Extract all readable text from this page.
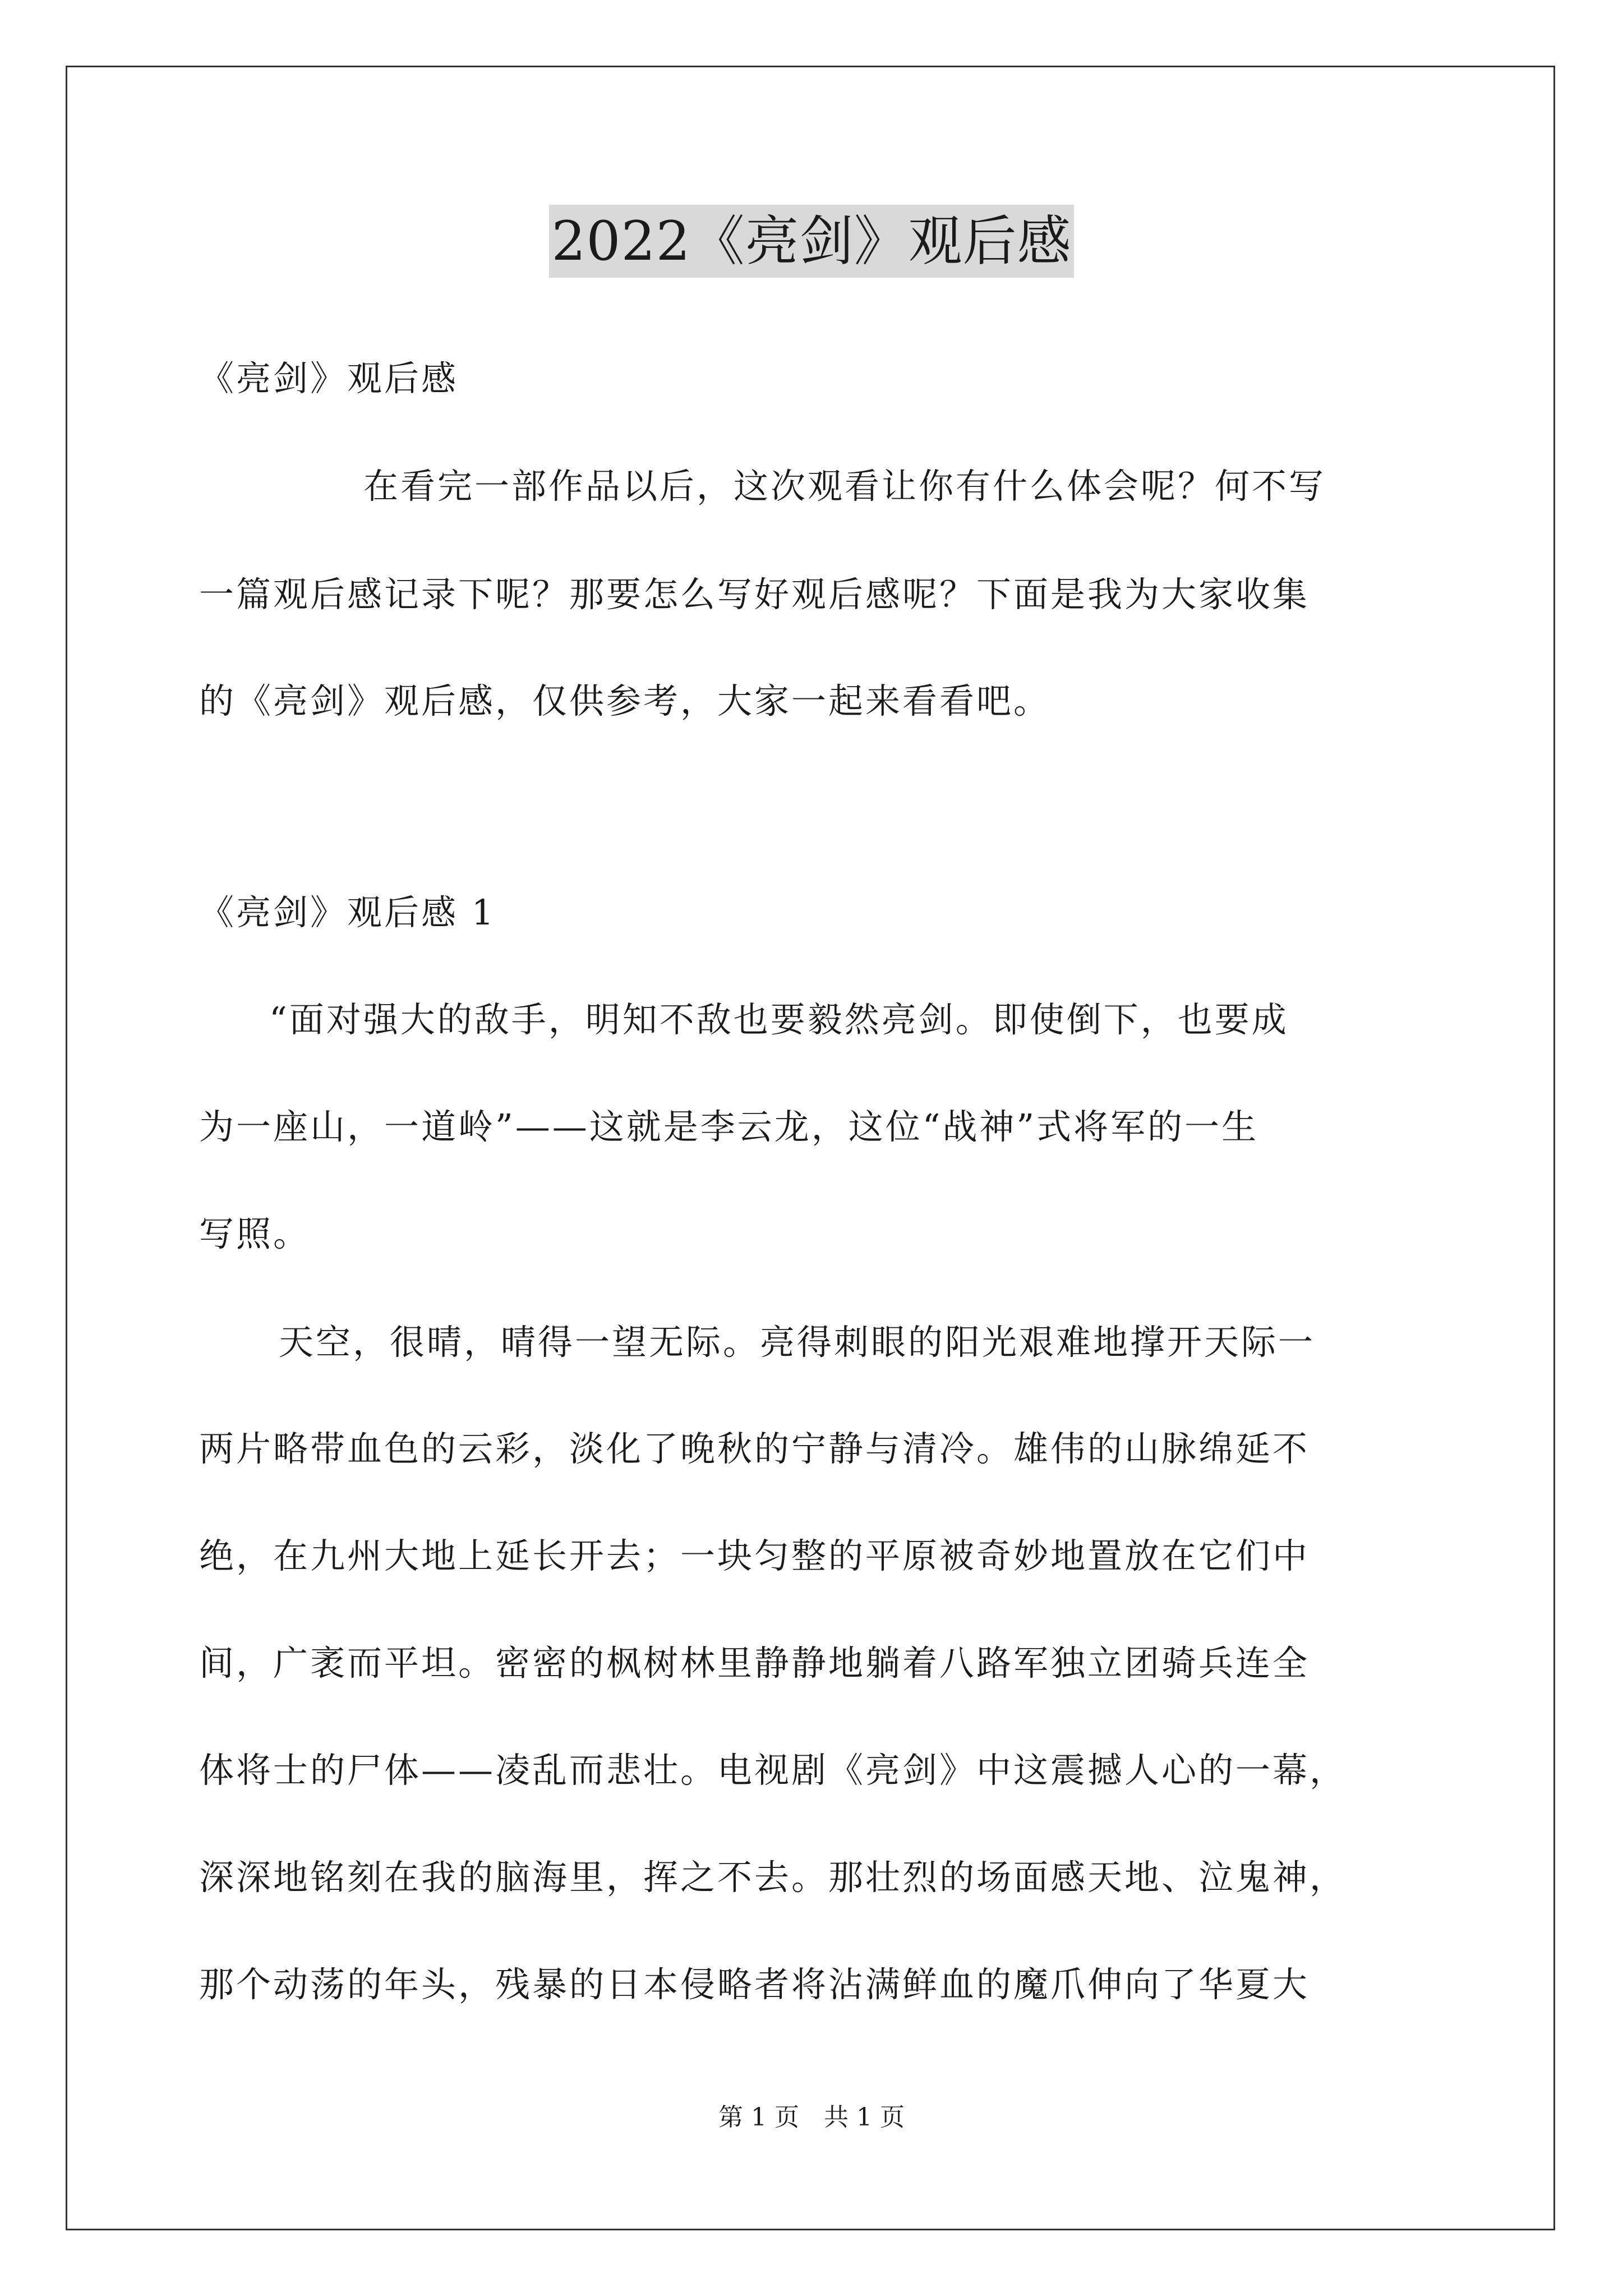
2022《亮剑》观后感
《亮剑》观后感
在看完一部作品以后，这次观看让你有什么体会呢？何不写
一篇观后感记录下呢？那要怎么写好观后感呢？下面是我为大家收集
的《亮剑》观后感，仅供参考，大家一起来看看吧。
《亮剑》观后感 1
“面对强大的敌手，明知不敌也要毅然亮剑。即使倒下，也要成
为一座山，一道岭”——这就是李云龙，这位“战神”式将军的一生
写照。
天空，很晴，晴得一望无际。亮得刺眼的阳光艰难地撑开天际一
两片略带血色的云彩，淡化了晚秋的宁静与清冷。雄伟的山脉绵延不
绝，在九州大地上延长开去；一块匀整的平原被奇妙地置放在它们中
间，广袤而平坦。密密的枫树林里静静地躺着八路军独立团骑兵连全
体将士的尸体——凌乱而悲壮。电视剧《亮剑》中这震撼人心的一幕，
深深地铭刻在我的脑海里，挥之不去。那壮烈的场面感天地、泣鬼神，
那个动荡的年头，残暴的日本侵略者将沾满鲜血的魔爪伸向了华夏大
第 1 页　共 1 页
